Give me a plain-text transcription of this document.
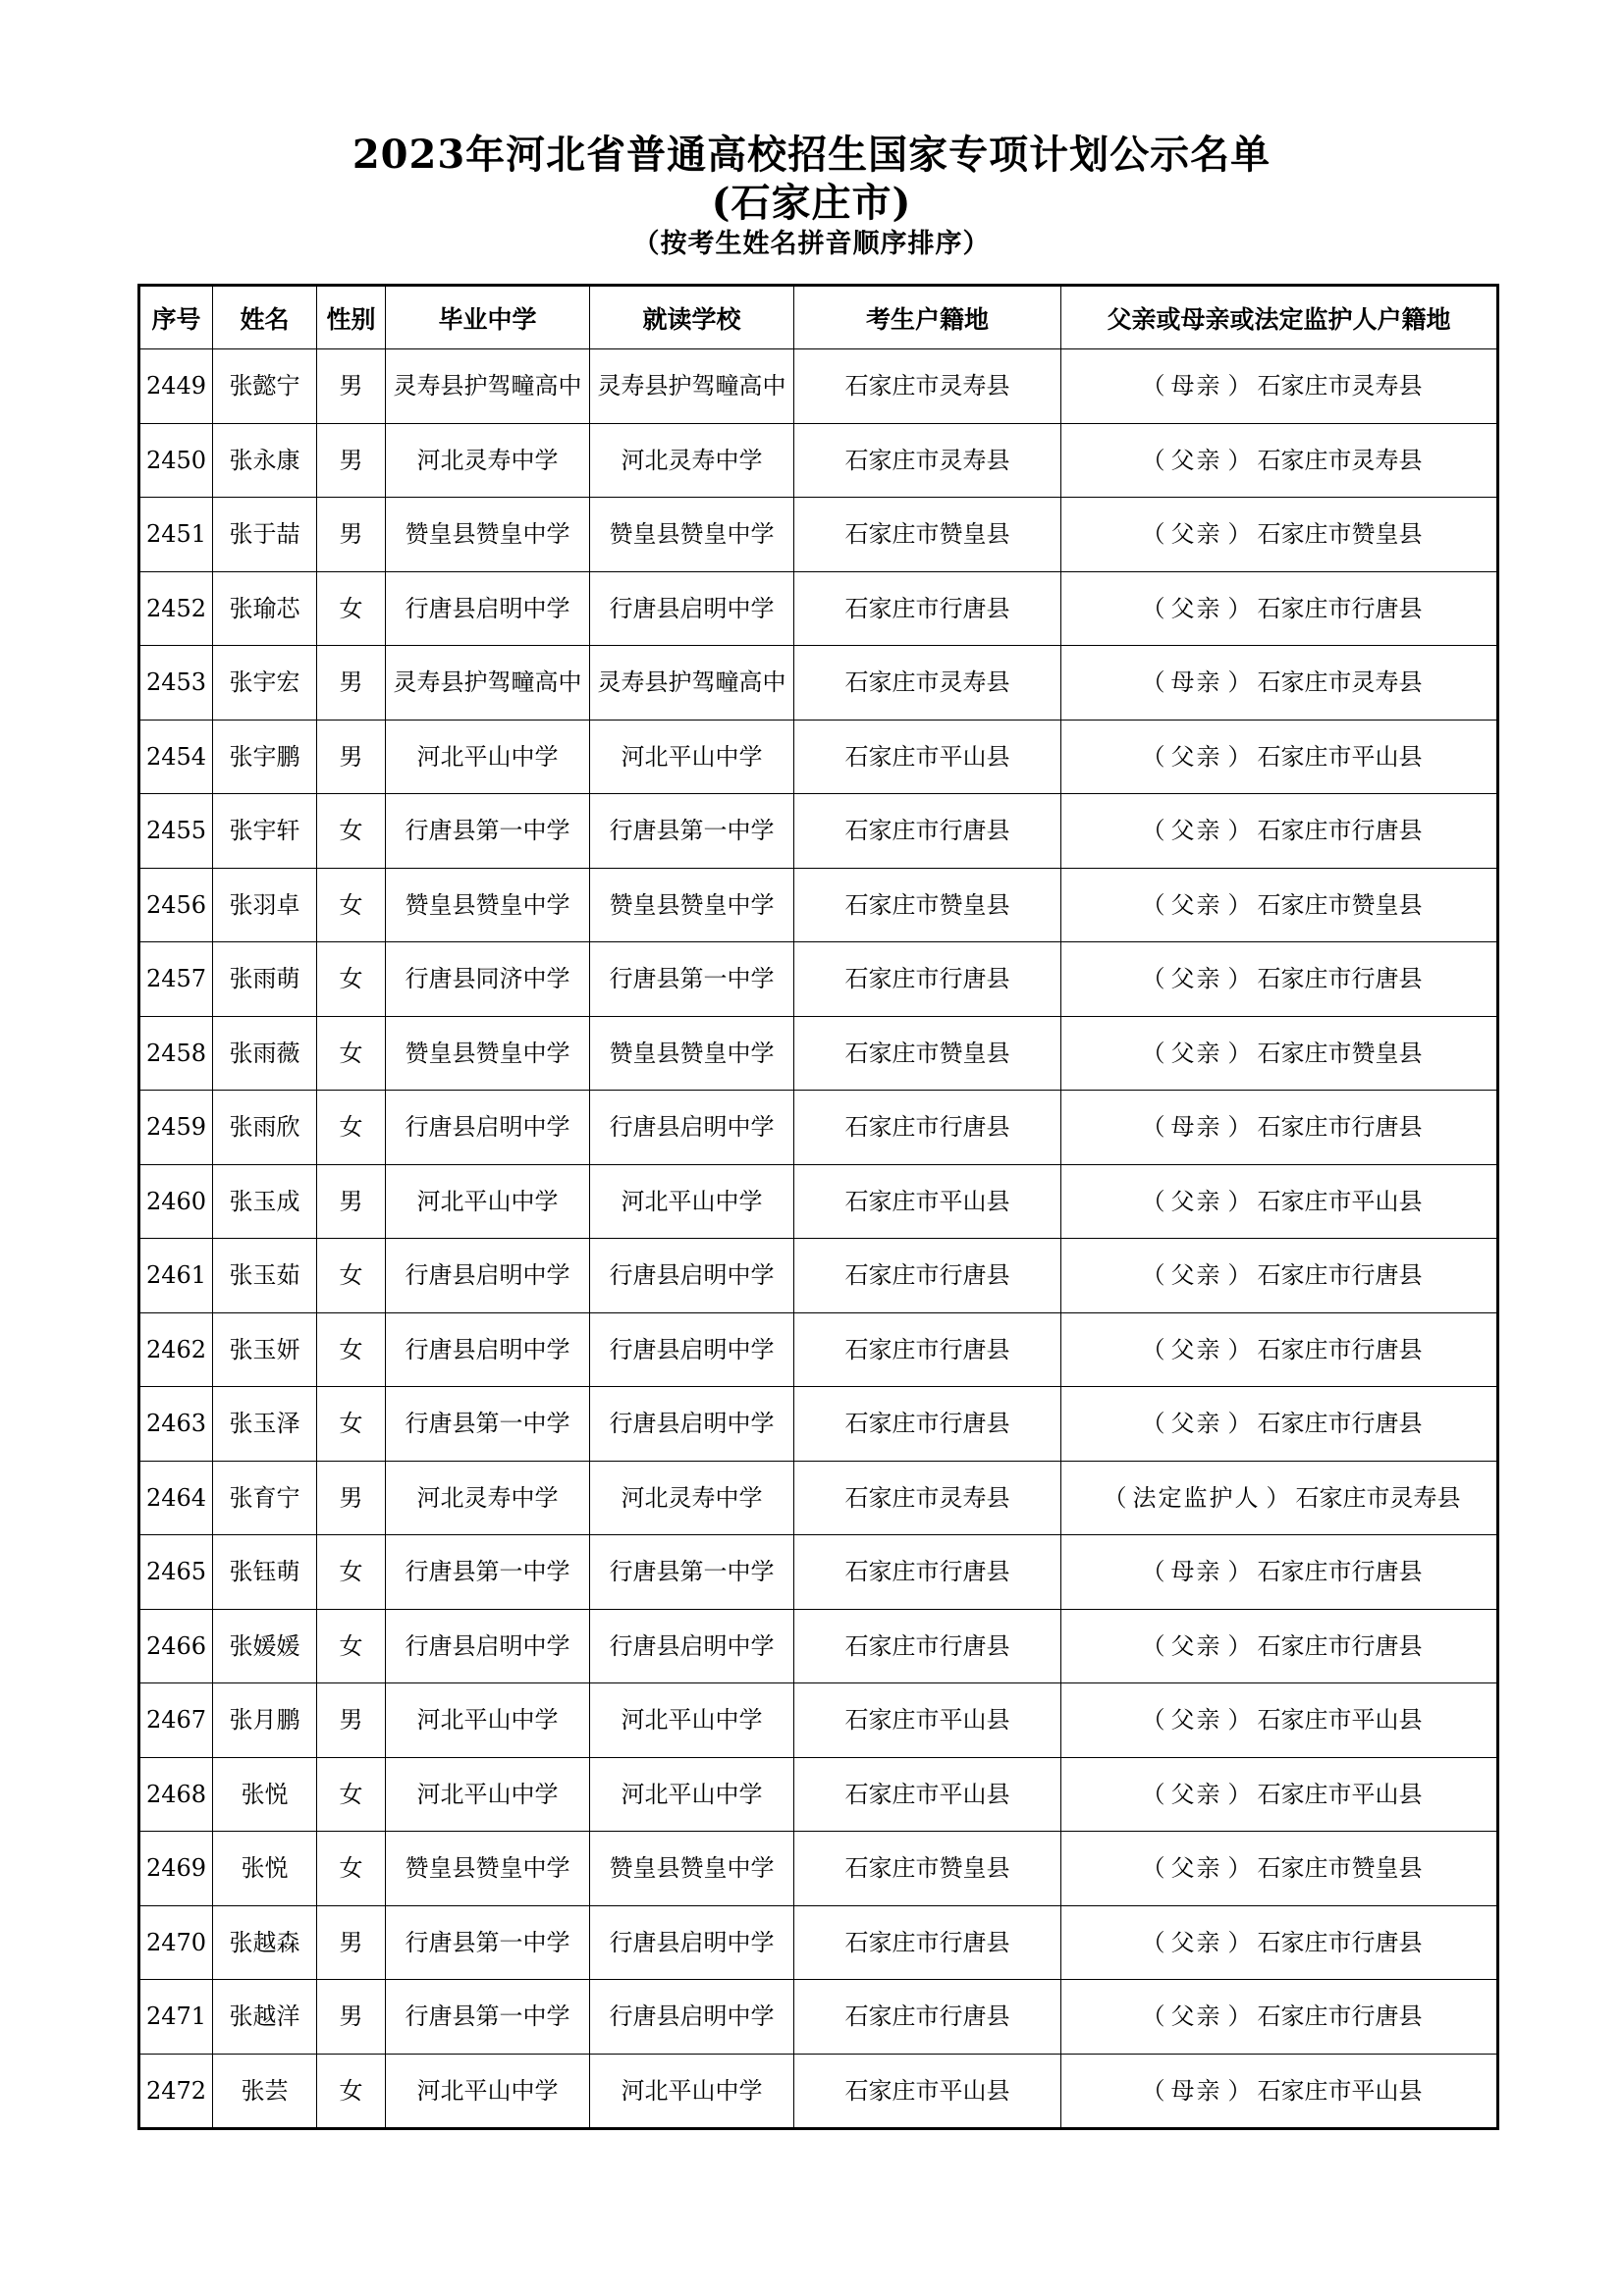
2023年河北省普通高校招生国家专项计划公示名单
(石家庄市)
（按考生姓名拼音顺序排序）
序号	姓名	性别	毕业中学	就读学校	考生户籍地	父亲或母亲或法定监护人户籍地
2449	张懿宁	男	灵寿县护驾疃高中	灵寿县护驾疃高中	石家庄市灵寿县	（ 母亲 ） 石家庄市灵寿县
2450	张永康	男	河北灵寿中学	河北灵寿中学	石家庄市灵寿县	（ 父亲 ） 石家庄市灵寿县
2451	张于喆	男	赞皇县赞皇中学	赞皇县赞皇中学	石家庄市赞皇县	（ 父亲 ） 石家庄市赞皇县
2452	张瑜芯	女	行唐县启明中学	行唐县启明中学	石家庄市行唐县	（ 父亲 ） 石家庄市行唐县
2453	张宇宏	男	灵寿县护驾疃高中	灵寿县护驾疃高中	石家庄市灵寿县	（ 母亲 ） 石家庄市灵寿县
2454	张宇鹏	男	河北平山中学	河北平山中学	石家庄市平山县	（ 父亲 ） 石家庄市平山县
2455	张宇轩	女	行唐县第一中学	行唐县第一中学	石家庄市行唐县	（ 父亲 ） 石家庄市行唐县
2456	张羽卓	女	赞皇县赞皇中学	赞皇县赞皇中学	石家庄市赞皇县	（ 父亲 ） 石家庄市赞皇县
2457	张雨萌	女	行唐县同济中学	行唐县第一中学	石家庄市行唐县	（ 父亲 ） 石家庄市行唐县
2458	张雨薇	女	赞皇县赞皇中学	赞皇县赞皇中学	石家庄市赞皇县	（ 父亲 ） 石家庄市赞皇县
2459	张雨欣	女	行唐县启明中学	行唐县启明中学	石家庄市行唐县	（ 母亲 ） 石家庄市行唐县
2460	张玉成	男	河北平山中学	河北平山中学	石家庄市平山县	（ 父亲 ） 石家庄市平山县
2461	张玉茹	女	行唐县启明中学	行唐县启明中学	石家庄市行唐县	（ 父亲 ） 石家庄市行唐县
2462	张玉妍	女	行唐县启明中学	行唐县启明中学	石家庄市行唐县	（ 父亲 ） 石家庄市行唐县
2463	张玉泽	女	行唐县第一中学	行唐县启明中学	石家庄市行唐县	（ 父亲 ） 石家庄市行唐县
2464	张育宁	男	河北灵寿中学	河北灵寿中学	石家庄市灵寿县	（ 法定监护人 ） 石家庄市灵寿县
2465	张钰萌	女	行唐县第一中学	行唐县第一中学	石家庄市行唐县	（ 母亲 ） 石家庄市行唐县
2466	张媛媛	女	行唐县启明中学	行唐县启明中学	石家庄市行唐县	（ 父亲 ） 石家庄市行唐县
2467	张月鹏	男	河北平山中学	河北平山中学	石家庄市平山县	（ 父亲 ） 石家庄市平山县
2468	张悦	女	河北平山中学	河北平山中学	石家庄市平山县	（ 父亲 ） 石家庄市平山县
2469	张悦	女	赞皇县赞皇中学	赞皇县赞皇中学	石家庄市赞皇县	（ 父亲 ） 石家庄市赞皇县
2470	张越森	男	行唐县第一中学	行唐县启明中学	石家庄市行唐县	（ 父亲 ） 石家庄市行唐县
2471	张越洋	男	行唐县第一中学	行唐县启明中学	石家庄市行唐县	（ 父亲 ） 石家庄市行唐县
2472	张芸	女	河北平山中学	河北平山中学	石家庄市平山县	（ 母亲 ） 石家庄市平山县
